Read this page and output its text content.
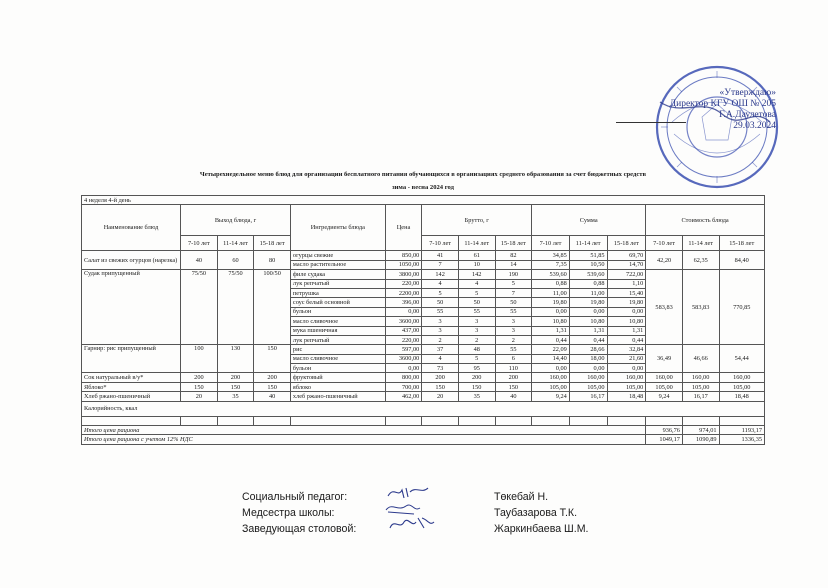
«Утверждаю»
Директор КГУ ОШ № 205
Г.А.Даулетова
29.03.2024
Четырехнедельное меню блюд для организации бесплатного питания обучающихся в организациях среднего образования за счет бюджетных средств
зима - весна 2024 год
4 неделя 4-й день														
Наименование блюд	Выход блюда, г			Ингредиенты блюда	Цена	Брутто, г			Сумма			Стоимость блюда		
	7-10 лет	11-14 лет	15-18 лет			7-10 лет	11-14 лет	15-18 лет	7-10 лет	11-14 лет	15-18 лет	7-10 лет	11-14 лет	15-18 лет
Салат из свежих огурцов (нарезка)	40	60	80	огурцы свежие	850,00	41	61	82	34,85	51,85	69,70	42,20	62,35	84,40
				масло растительное	1050,00	7	10	14	7,35	10,50	14,70			
Судак припущенный	75/50	75/50	100/50	филе судака	3800,00	142	142	190	539,60	539,60	722,00	583,83	583,83	770,85
				лук репчатый	220,00	4	4	5	0,88	0,88	1,10			
				петрушка	2200,00	5	5	7	11,00	11,00	15,40			
				соус белый основной	396,00	50	50	50	19,80	19,80	19,80			
				бульон	0,00	55	55	55	0,00	0,00	0,00			
				масло сливочное	3600,00	3	3	3	10,80	10,80	10,80			
				мука пшеничная	437,00	3	3	3	1,31	1,31	1,31			
				лук репчатый	220,00	2	2	2	0,44	0,44	0,44			
Гарнир: рис припущенный	100	130	150	рис	597,00	37	48	55	22,09	28,66	32,84	36,49	46,66	54,44
				масло сливочное	3600,00	4	5	6	14,40	18,00	21,60			
				бульон	0,00	73	95	110	0,00	0,00	0,00			
Сок натуральный в/у*	200	200	200	фруктовый	800,00	200	200	200	160,00	160,00	160,00	160,00	160,00	160,00
Яблоко*	150	150	150	яблоко	700,00	150	150	150	105,00	105,00	105,00	105,00	105,00	105,00
Хлеб ржано-пшеничный	20	35	40	хлеб ржано-пшеничный	462,00	20	35	40	9,24	16,17	18,48	9,24	16,17	18,48
Калорийность, ккал														

Итого цена рациона												936,76	974,01	1193,17
Итого цена рациона с учетом 12% НДС												1049,17	1090,89	1336,35
Социальный педагог:	Төкебай Н.
Медсестра школы:	Таубазарова Т.К.
Заведующая столовой:	Жаркинбаева Ш.М.
